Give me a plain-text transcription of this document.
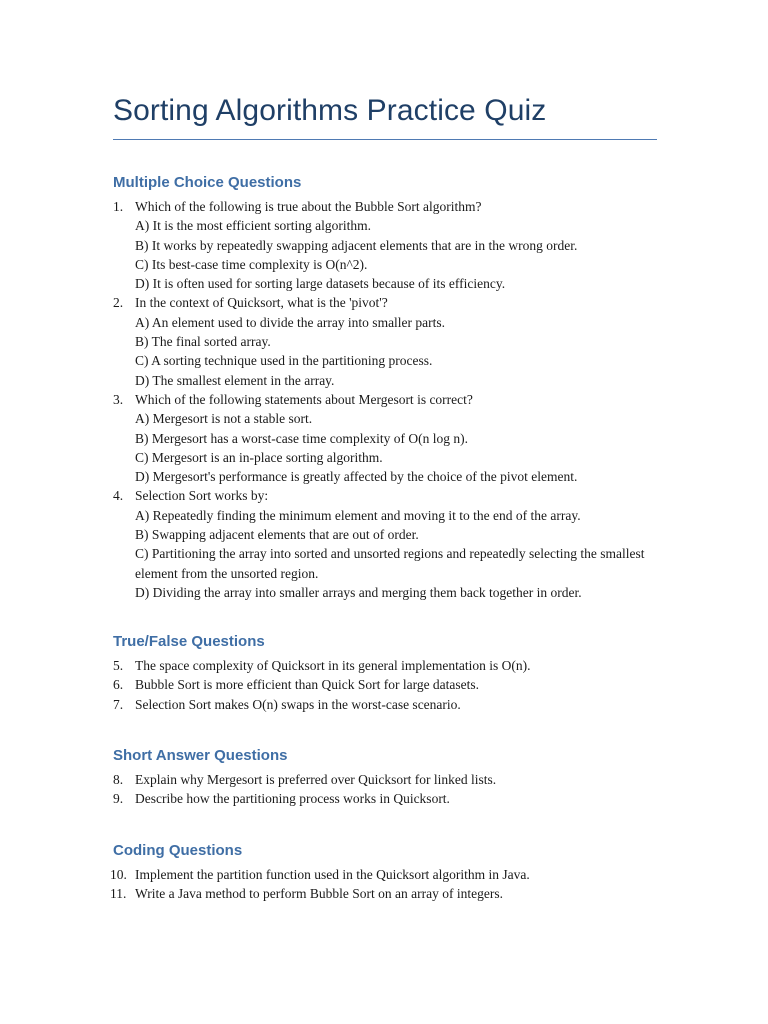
Sorting Algorithms Practice Quiz
Multiple Choice Questions
1. Which of the following is true about the Bubble Sort algorithm?
A) It is the most efficient sorting algorithm.
B) It works by repeatedly swapping adjacent elements that are in the wrong order.
C) Its best-case time complexity is O(n^2).
D) It is often used for sorting large datasets because of its efficiency.
2. In the context of Quicksort, what is the 'pivot'?
A) An element used to divide the array into smaller parts.
B) The final sorted array.
C) A sorting technique used in the partitioning process.
D) The smallest element in the array.
3. Which of the following statements about Mergesort is correct?
A) Mergesort is not a stable sort.
B) Mergesort has a worst-case time complexity of O(n log n).
C) Mergesort is an in-place sorting algorithm.
D) Mergesort's performance is greatly affected by the choice of the pivot element.
4. Selection Sort works by:
A) Repeatedly finding the minimum element and moving it to the end of the array.
B) Swapping adjacent elements that are out of order.
C) Partitioning the array into sorted and unsorted regions and repeatedly selecting the smallest element from the unsorted region.
D) Dividing the array into smaller arrays and merging them back together in order.
True/False Questions
5. The space complexity of Quicksort in its general implementation is O(n).
6. Bubble Sort is more efficient than Quick Sort for large datasets.
7. Selection Sort makes O(n) swaps in the worst-case scenario.
Short Answer Questions
8. Explain why Mergesort is preferred over Quicksort for linked lists.
9. Describe how the partitioning process works in Quicksort.
Coding Questions
10. Implement the partition function used in the Quicksort algorithm in Java.
11. Write a Java method to perform Bubble Sort on an array of integers.
